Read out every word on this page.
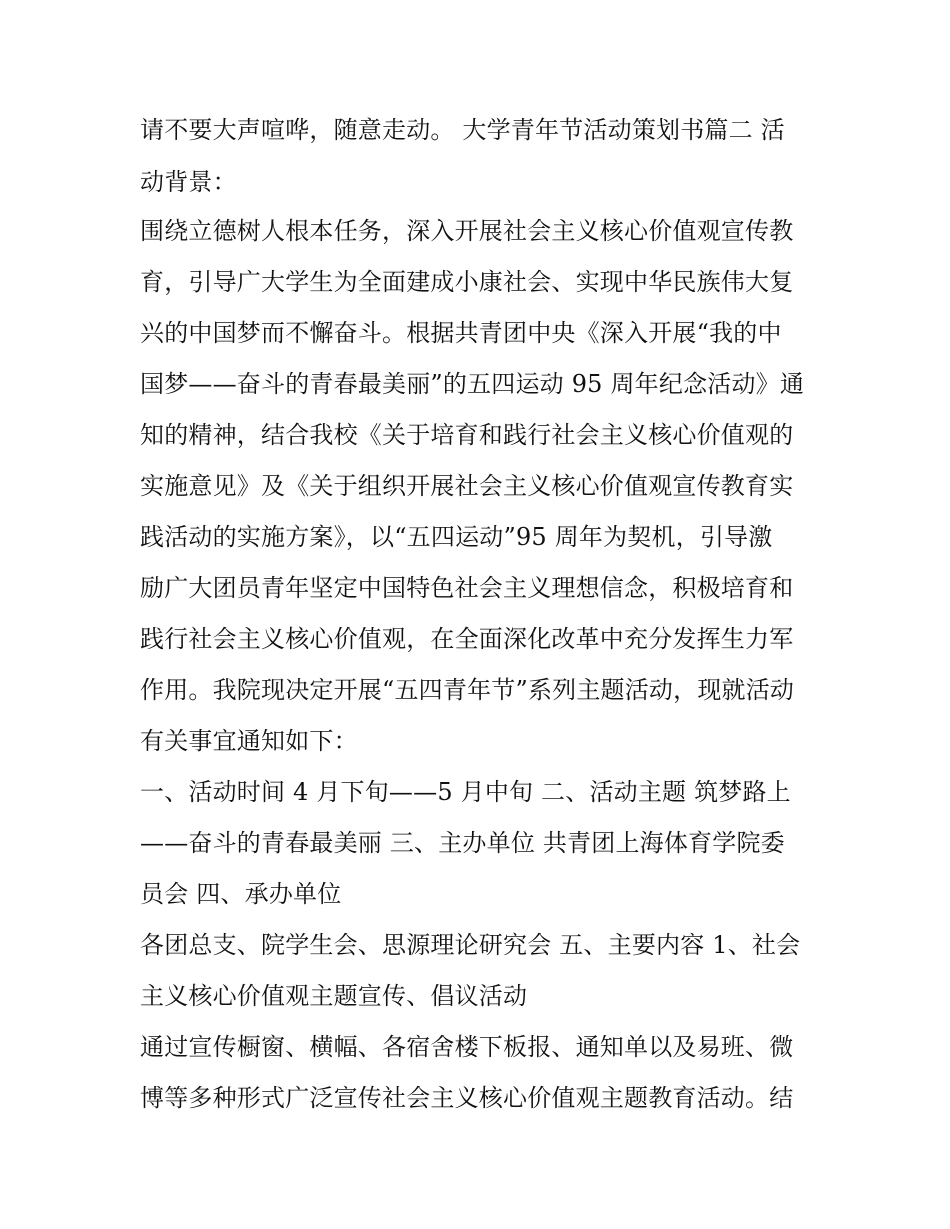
请不要大声喧哗，随意走动。 大学青年节活动策划书篇二 活

动背景：

围绕立德树人根本任务，深入开展社会主义核心价值观宣传教

育，引导广大学生为全面建成小康社会、实现中华民族伟大复

兴的中国梦而不懈奋斗。根据共青团中央《深入开展“我的中

国梦——奋斗的青春最美丽”的五四运动 95 周年纪念活动》通

知的精神，结合我校《关于培育和践行社会主义核心价值观的

实施意见》及《关于组织开展社会主义核心价值观宣传教育实

践活动的实施方案》，以“五四运动”95 周年为契机，引导激

励广大团员青年坚定中国特色社会主义理想信念，积极培育和

践行社会主义核心价值观，在全面深化改革中充分发挥生力军

作用。我院现决定开展“五四青年节”系列主题活动，现就活动

有关事宜通知如下：

一、活动时间 4 月下旬——5 月中旬 二、活动主题 筑梦路上

——奋斗的青春最美丽 三、主办单位 共青团上海体育学院委

员会 四、承办单位

各团总支、院学生会、思源理论研究会 五、主要内容 1、社会

主义核心价值观主题宣传、倡议活动

通过宣传橱窗、横幅、各宿舍楼下板报、通知单以及易班、微

博等多种形式广泛宣传社会主义核心价值观主题教育活动。结
